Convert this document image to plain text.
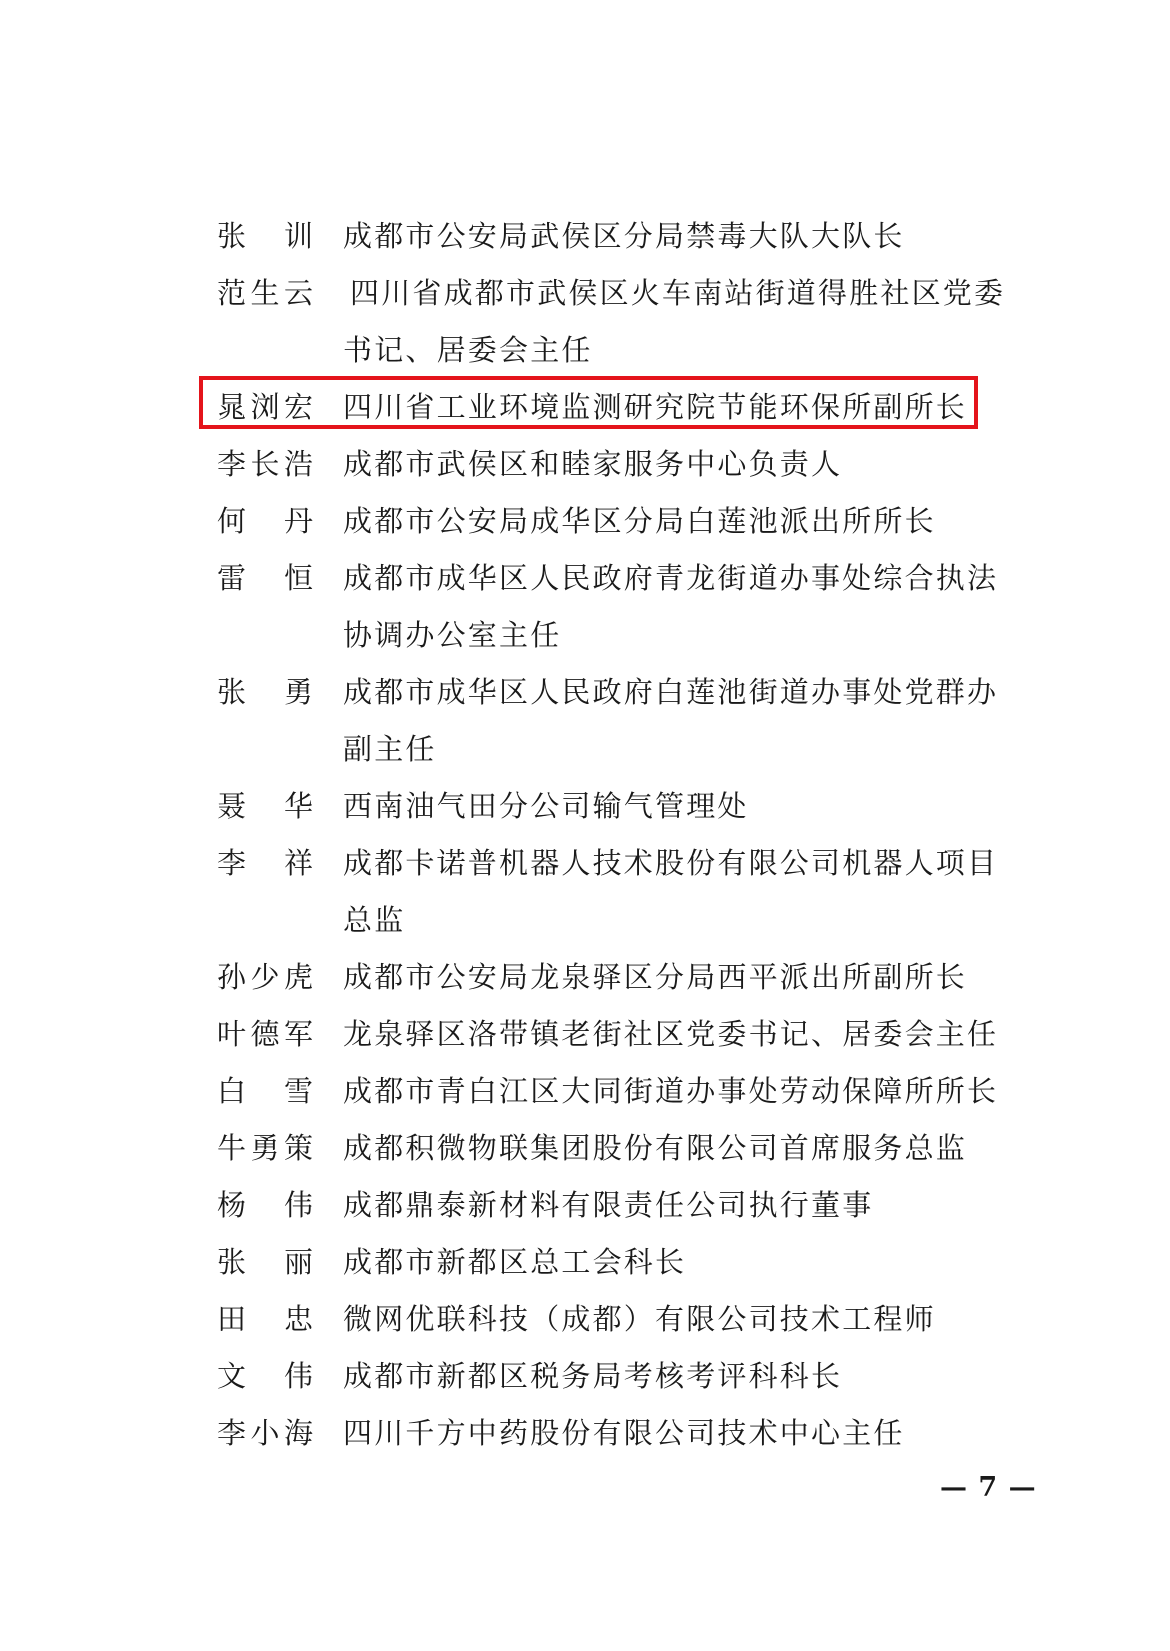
张 训 成都市公安局武侯区分局禁毒大队大队长
范 生 云 四川省成都市武侯区火车南站街道得胜社区党委
书记、居委会主任
晁 浏 宏 四川省工业环境监测研究院节能环保所副所长
李 长 浩 成都市武侯区和睦家服务中心负责人
何 丹 成都市公安局成华区分局白莲池派出所所长
雷 恒 成都市成华区人民政府青龙街道办事处综合执法
协调办公室主任
张 勇 成都市成华区人民政府白莲池街道办事处党群办
副主任
聂 华 西南油气田分公司输气管理处
李 祥 成都卡诺普机器人技术股份有限公司机器人项目
总监
孙 少 虎 成都市公安局龙泉驿区分局西平派出所副所长
叶 德 军 龙泉驿区洛带镇老街社区党委书记、居委会主任
白 雪 成都市青白江区大同街道办事处劳动保障所所长
牛 勇 策 成都积微物联集团股份有限公司首席服务总监
杨 伟 成都鼎泰新材料有限责任公司执行董事
张 丽 成都市新都区总工会科长
田 忠 微网优联科技（成都）有限公司技术工程师
文 伟 成都市新都区税务局考核考评科科长
李 小 海 四川千方中药股份有限公司技术中心主任
— 7 —
